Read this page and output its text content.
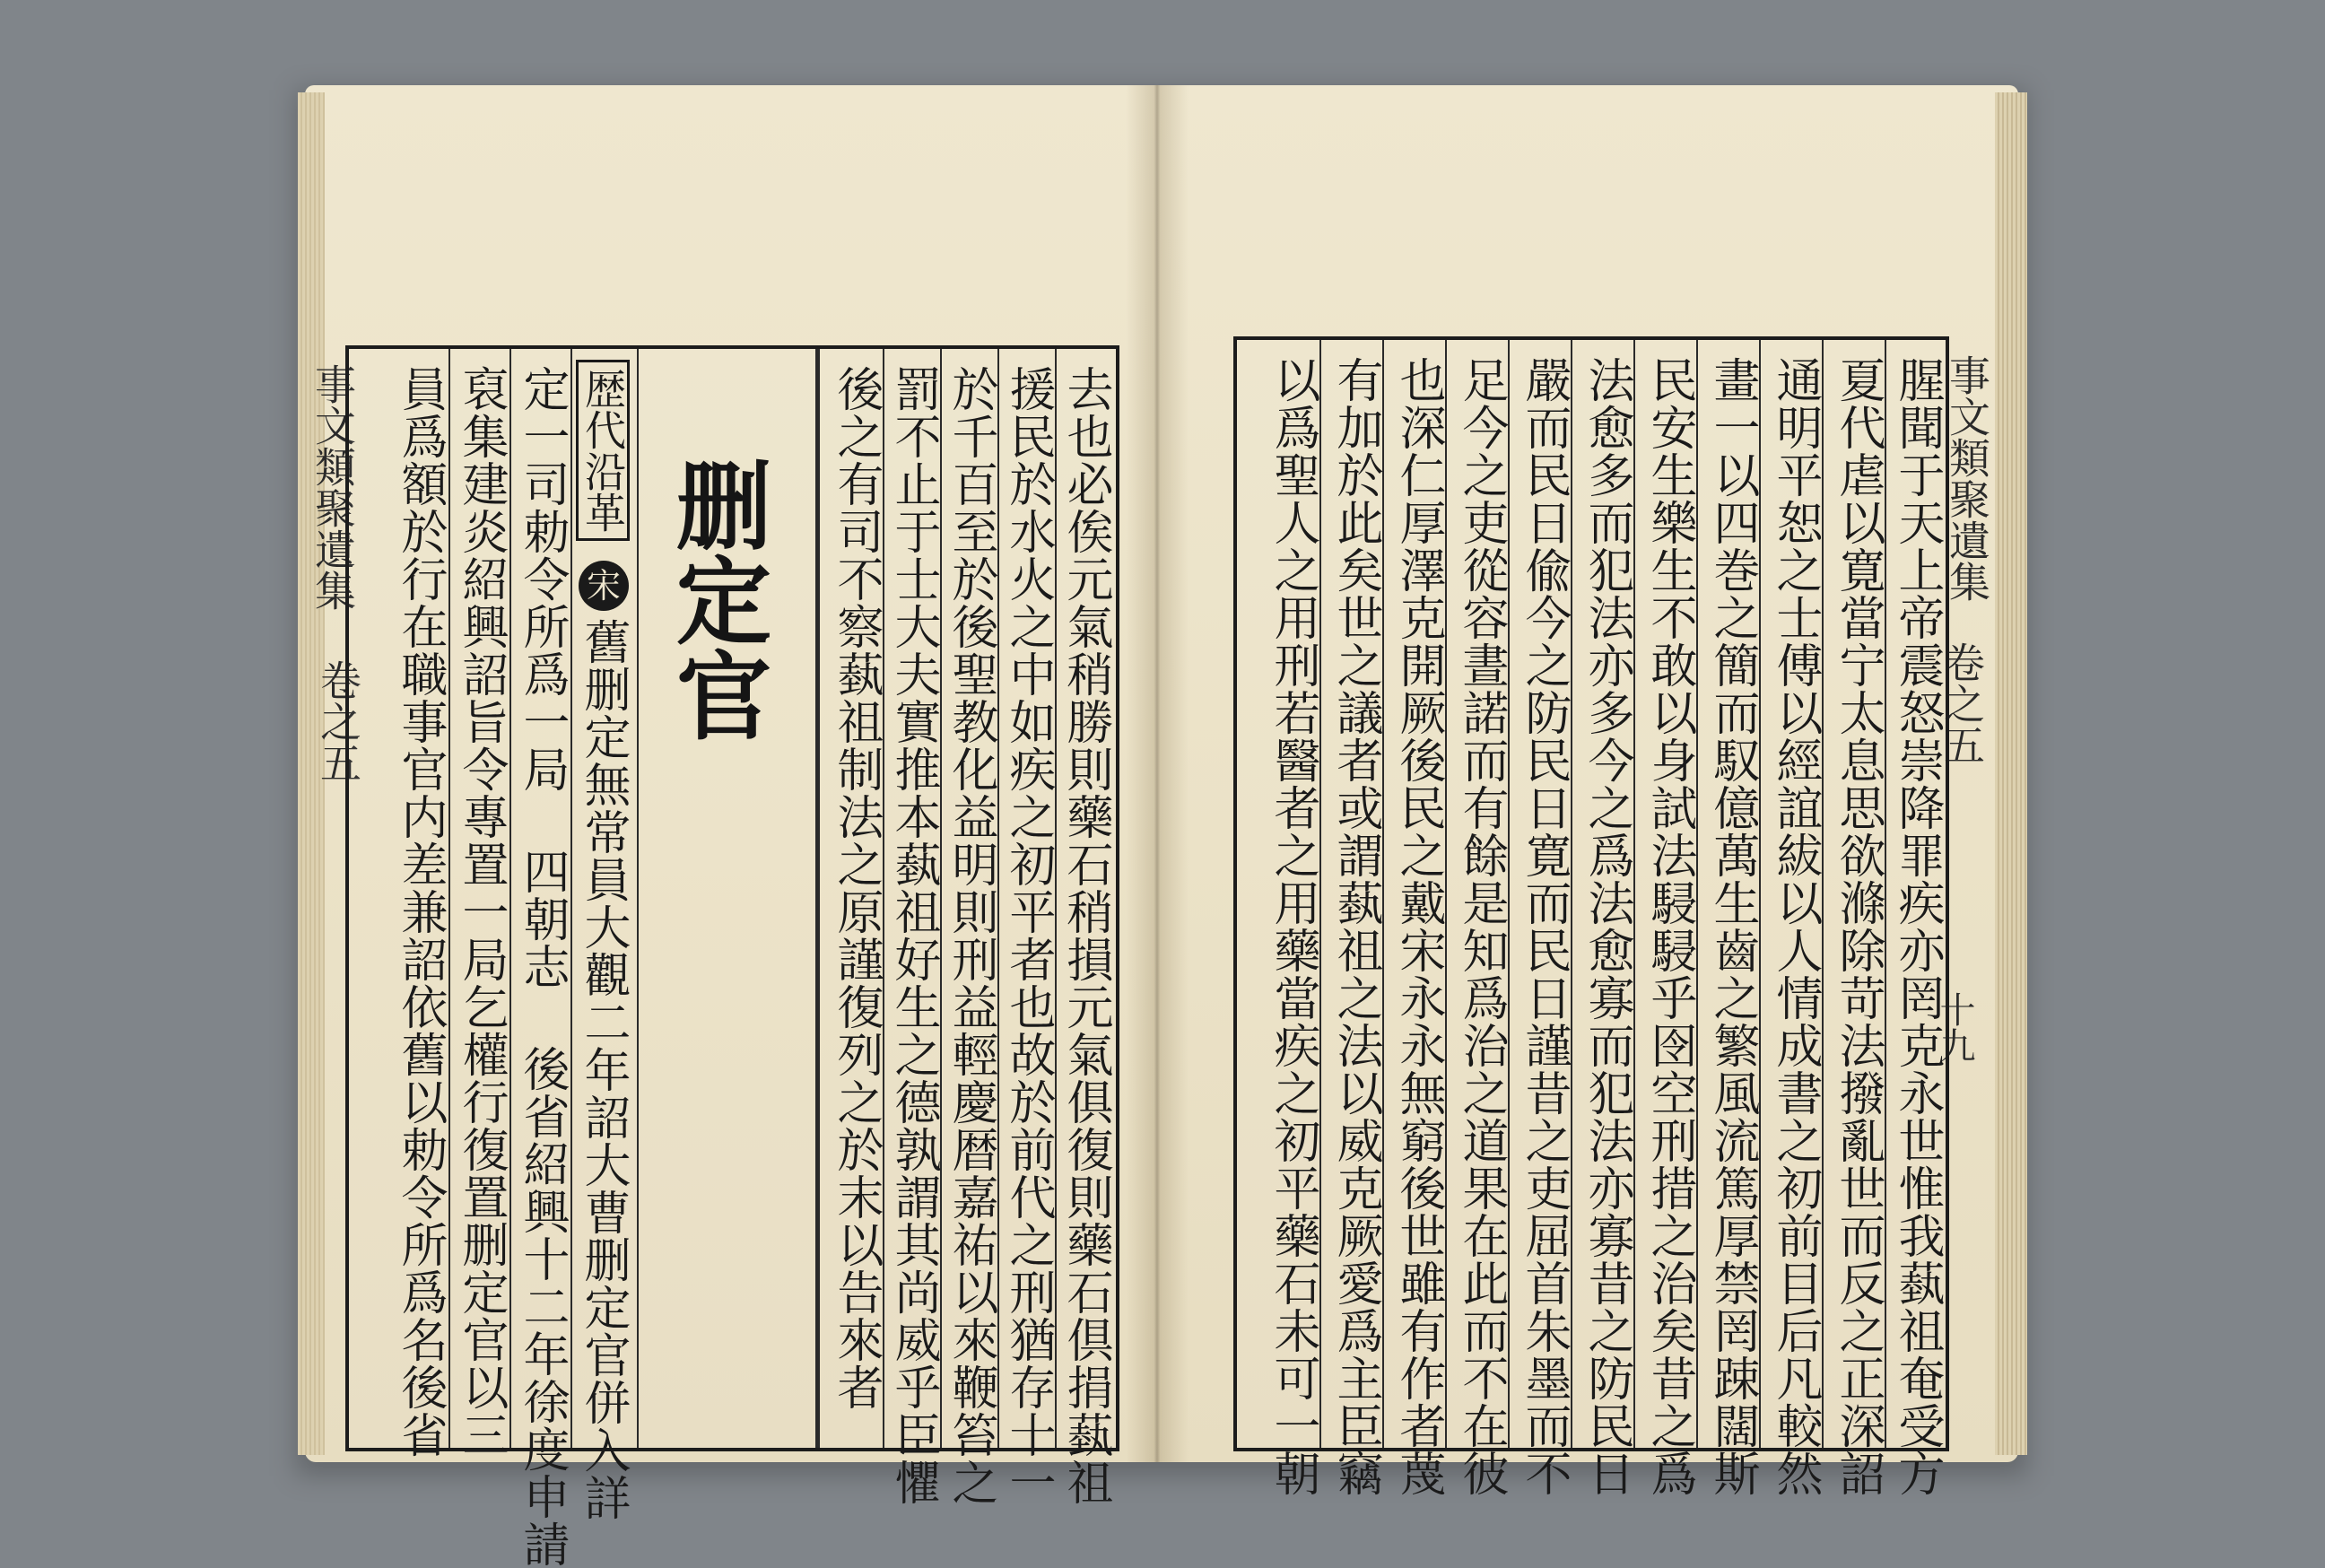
事文類聚遺集
卷之五	去也必俟元氣稍勝則藥石稍損元氣俱復則藥石倶捐蓺祖
援民於水火之中如疾之初平者也故於前代之刑猶存十一
於千百至於後聖教化益明則刑益輕慶暦嘉祐以來鞭笞之
罰不止于士大夫實推本蓺祖好生之德孰謂其尚威乎臣懼
後之有司不察蓺祖制法之原謹復列之於末以告來者
删定官
歴代沿革
宋
舊删定無常員大觀二年詔大曹删定官併入詳
定一司勅令所爲一局 四朝志 後省紹興十二年徐度申請
裒集建炎紹興詔旨令專置一局乞權行復置删定官以三
員爲額於行在職事官内差兼詔依舊以勅令所爲名後省	事文類聚遺集
卷之五
十九
腥聞于天上帝震怒崇降罪疾亦罔克永世惟我蓺祖奄受方
夏代虐以寛當宁太息思欲滌除苛法撥亂世而反之正深詔
通明平恕之士傅以經誼紱以人情成書之初前目后凡較然
畫一以四巻之簡而馭億萬生齒之繁風流篤厚禁罔踈闊斯
民安生樂生不敢以身試法駸駸乎囹空刑措之治矣昔之爲
法愈多而犯法亦多今之爲法愈寡而犯法亦寡昔之防民日
嚴而民日偸今之防民日寛而民日謹昔之吏屈首朱墨而不
足今之吏從容晝諾而有餘是知爲治之道果在此而不在彼
也深仁厚澤克開厥後民之戴宋永永無窮後世雖有作者蔑
有加於此矣世之議者或謂蓺祖之法以威克厥愛爲主臣竊
以爲聖人之用刑若醫者之用藥當疾之初平藥石未可一朝
